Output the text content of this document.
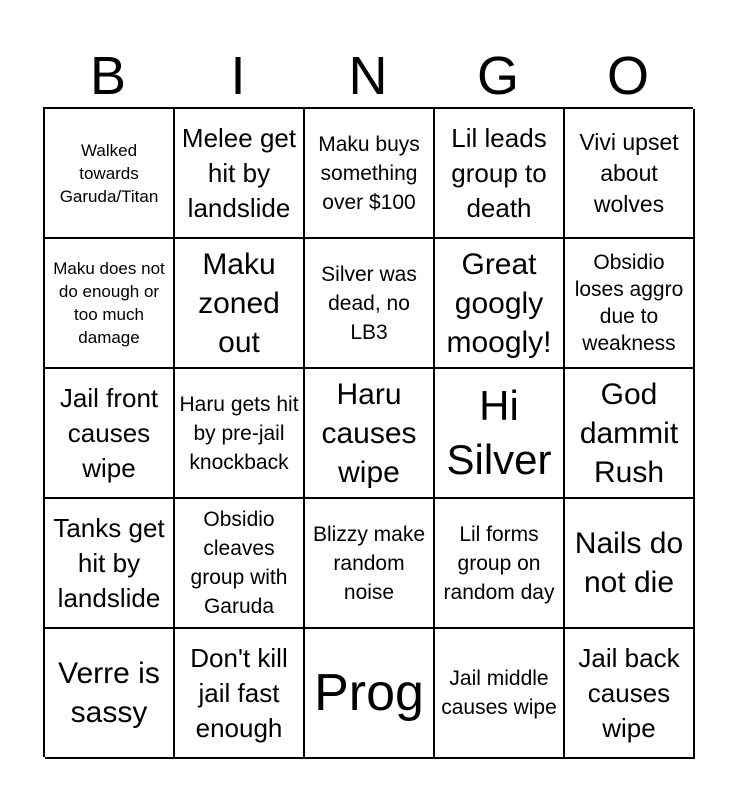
B	I	N	G	O
Walked towards Garuda/Titan
Melee get hit by landslide
Maku buys something over $100
Lil leads group to death
Vivi upset about wolves
Maku does not do enough or too much damage
Maku zoned out
Silver was dead, no LB3
Great googly moogly!
Obsidio loses aggro due to weakness
Jail front causes wipe
Haru gets hit by pre-jail knockback
Haru causes wipe
Hi Silver
God dammit Rush
Tanks get hit by landslide
Obsidio cleaves group with Garuda
Blizzy make random noise
Lil forms group on random day
Nails do not die
Verre is sassy
Don't kill jail fast enough
Prog	Jail middle causes wipe
Jail back causes wipe
